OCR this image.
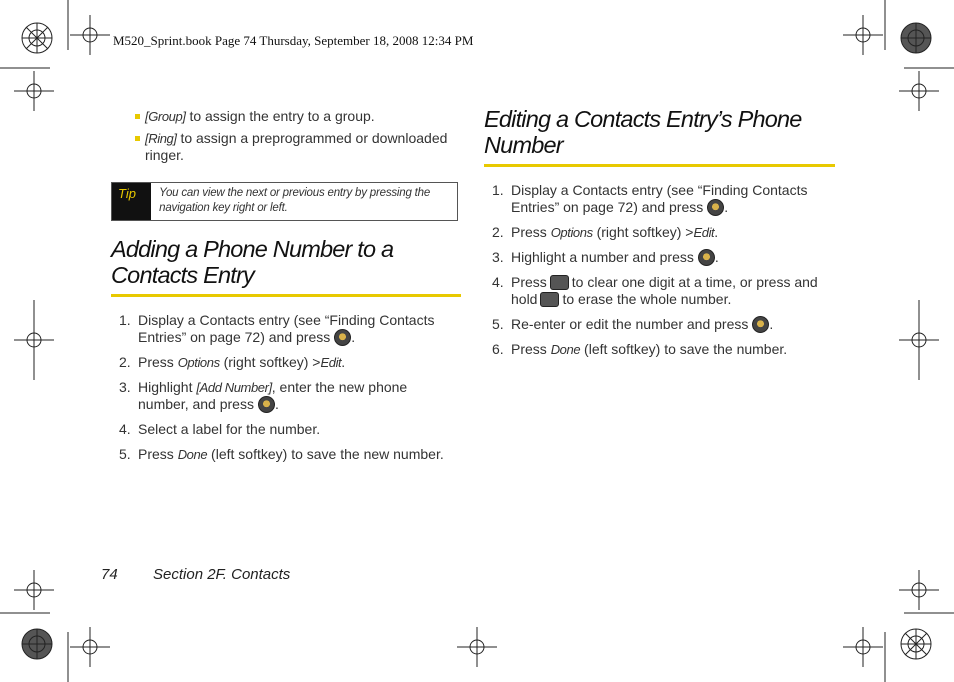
M520_Sprint.book Page 74 Thursday, September 18, 2008 12:34 PM
[Group] to assign the entry to a group.
[Ring] to assign a preprogrammed or downloaded ringer.
Tip	You can view the next or previous entry by pressing the navigation key right or left.
Adding a Phone Number to a Contacts Entry
1. Display a Contacts entry (see “Finding Contacts Entries” on page 72) and press .
2. Press Options (right softkey) >Edit.
3. Highlight [Add Number], enter the new phone number, and press .
4. Select a label for the number.
5. Press Done (left softkey) to save the new number.
Editing a Contacts Entry’s Phone Number
1. Display a Contacts entry (see “Finding Contacts Entries” on page 72) and press .
2. Press Options (right softkey) >Edit.
3. Highlight a number and press .
4. Press to clear one digit at a time, or press and hold to erase the whole number.
5. Re-enter or edit the number and press .
6. Press Done (left softkey) to save the number.
74 Section 2F. Contacts
